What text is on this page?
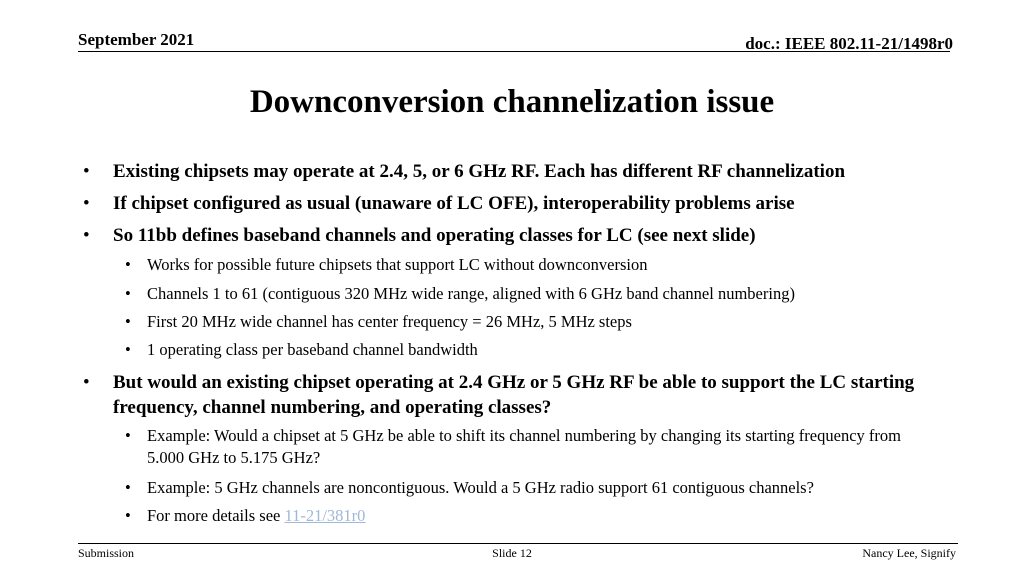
September 2021	doc.: IEEE 802.11-21/1498r0
Downconversion channelization issue
• Existing chipsets may operate at 2.4, 5, or 6 GHz RF. Each has different RF channelization
• If chipset configured as usual (unaware of LC OFE), interoperability problems arise
• So 11bb defines baseband channels and operating classes for LC (see next slide)
• Works for possible future chipsets that support LC without downconversion
• Channels 1 to 61 (contiguous 320 MHz wide range, aligned with 6 GHz band channel numbering)
• First 20 MHz wide channel has center frequency = 26 MHz, 5 MHz steps
• 1 operating class per baseband channel bandwidth
• But would an existing chipset operating at 2.4 GHz or 5 GHz RF be able to support the LC starting frequency, channel numbering, and operating classes?
• Example: Would a chipset at 5 GHz be able to shift its channel numbering by changing its starting frequency from 5.000 GHz to 5.175 GHz?
• Example: 5 GHz channels are noncontiguous. Would a 5 GHz radio support 61 contiguous channels?
• For more details see 11-21/381r0
Submission	Slide 12	Nancy Lee, Signify
